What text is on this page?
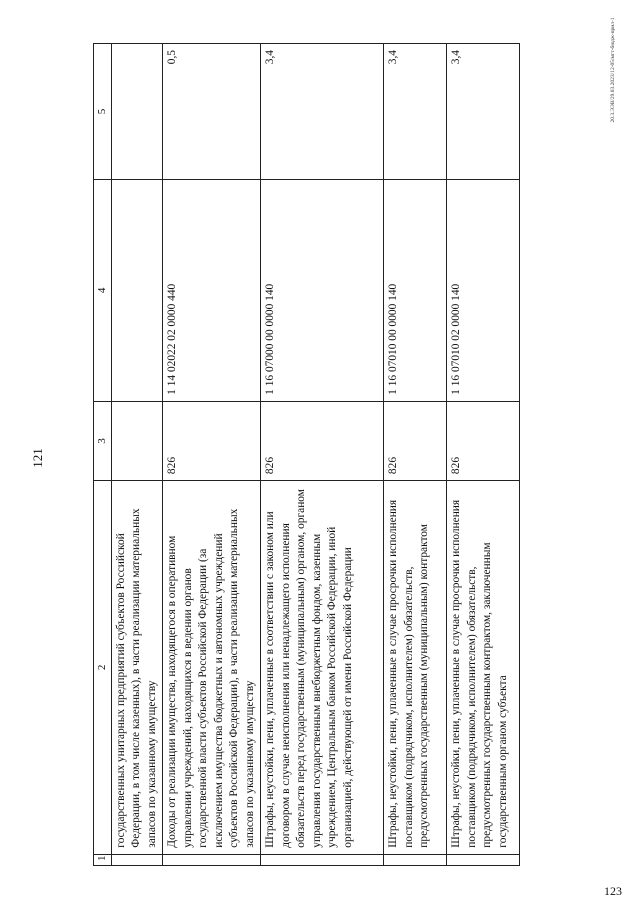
121
20.3.ЭЭВ/29.03.2023/12-05/мгт-бюдж-прил-1
123
1	2	3	4	5
	государственных унитарных предприятий субъектов Российской Федерации, в том числе казенных), в части реализации материальных запасов по указанному имуществу			
	Доходы от реализации имущества, находящегося в оперативном управлении учреждений, находящихся в ведении органов государственной власти субъектов Российской Федерации (за исключением имущества бюджетных и автономных учреждений субъектов Российской Федерации), в части реализации материальных запасов по указанному имуществу	826	1 14 02022 02 0000 440	0,5
	Штрафы, неустойки, пени, уплаченные в соответствии с законом или договором в случае неисполнения или ненадлежащего исполнения обязательств перед государственным (муниципальным) органом, органом управления государственным внебюджетным фондом, казенным учреждением, Центральным банком Российской Федерации, иной организацией, действующей от имени Российской Федерации	826	1 16 07000 00 0000 140	3,4
	Штрафы, неустойки, пени, уплаченные в случае просрочки исполнения поставщиком (подрядчиком, исполнителем) обязательств, предусмотренных государственным (муниципальным) контрактом	826	1 16 07010 00 0000 140	3,4
	Штрафы, неустойки, пени, уплаченные в случае просрочки исполнения поставщиком (подрядчиком, исполнителем) обязательств, предусмотренных государственным контрактом, заключенным государственным органом субъекта	826	1 16 07010 02 0000 140	3,4
